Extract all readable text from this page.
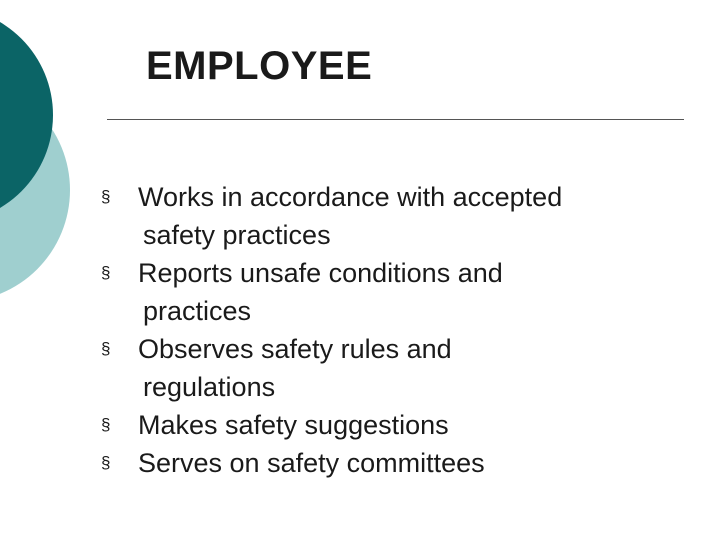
EMPLOYEE
§ Works in accordance with accepted
safety practices
§ Reports unsafe conditions and
practices
§ Observes safety rules and
regulations
§ Makes safety suggestions
§ Serves on safety committees
